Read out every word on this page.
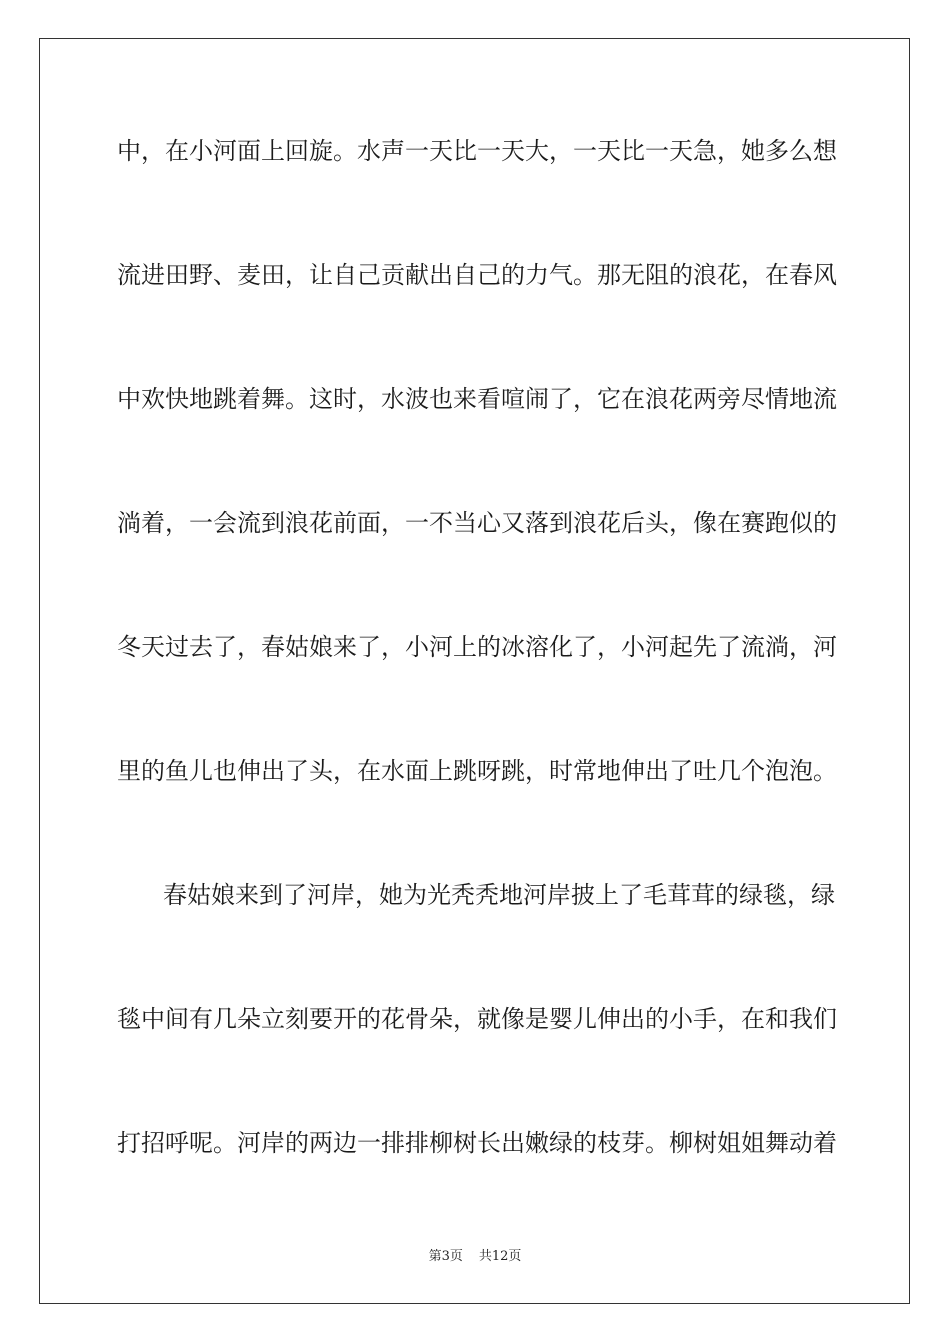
中，在小河面上回旋。水声一天比一天大，一天比一天急，她多么想
流进田野、麦田，让自己贡献出自己的力气。那无阻的浪花，在春风
中欢快地跳着舞。这时，水波也来看喧闹了，它在浪花两旁尽情地流
淌着，一会流到浪花前面，一不当心又落到浪花后头，像在赛跑似的
冬天过去了，春姑娘来了，小河上的冰溶化了，小河起先了流淌，河
里的鱼儿也伸出了头，在水面上跳呀跳，时常地伸出了吐几个泡泡。
春姑娘来到了河岸，她为光秃秃地河岸披上了毛茸茸的绿毯，绿
毯中间有几朵立刻要开的花骨朵，就像是婴儿伸出的小手，在和我们
打招呼呢。河岸的两边一排排柳树长出嫩绿的枝芽。柳树姐姐舞动着
第3页 共12页
